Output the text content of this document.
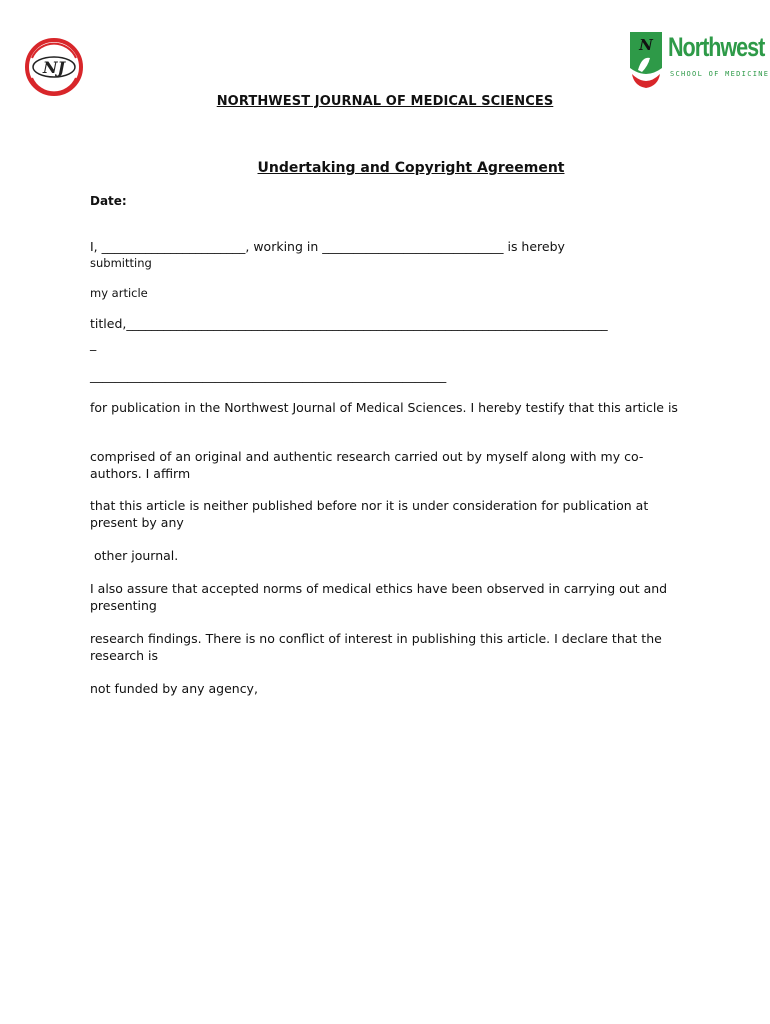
NJ
N Northwest
SCHOOL OF MEDICINE
NORTHWEST JOURNAL OF MEDICAL SCIENCES
Undertaking and Copyright Agreement
Date:
I, _______________________, working in _____________________________ is hereby
submitting
my article
titled,_____________________________________________________________________________
_
_________________________________________________________
for publication in the Northwest Journal of Medical Sciences. I hereby testify that this article is
comprised of an original and authentic research carried out by myself along with my co-authors. I affirm
that this article is neither published before nor it is under consideration for publication at present by any
other journal.
I also assure that accepted norms of medical ethics have been observed in carrying out and presenting
research findings. There is no conflict of interest in publishing this article. I declare that the research is
not funded by any agency,
